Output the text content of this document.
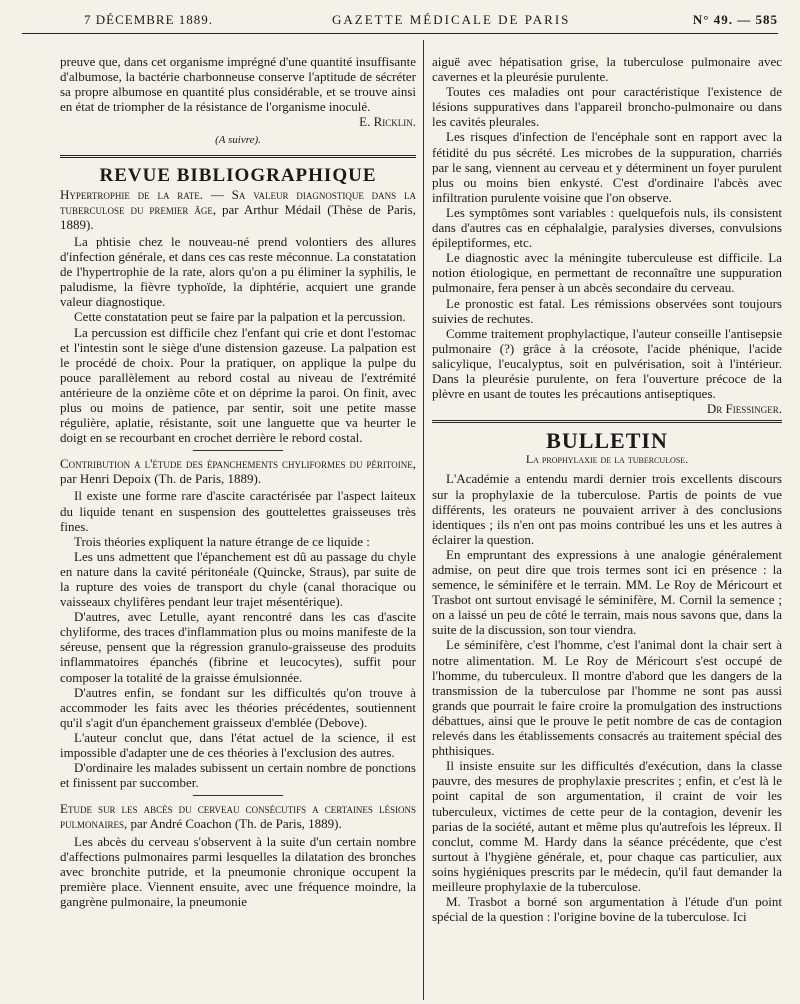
7 DÉCEMBRE 1889.	GAZETTE MÉDICALE DE PARIS	N° 49. — 585

preuve que, dans cet organisme imprégné d'une quantité insuffisante d'albumose, la bactérie charbonneuse conserve l'aptitude de sécréter sa propre albumose en quantité plus considérable, et se trouve ainsi en état de triompher de la résistance de l'organisme inoculé.

E. Ricklin.
(A suivre).
REVUE BIBLIOGRAPHIQUE

Hypertrophie de la rate. — Sa valeur diagnostique dans la tuberculose du premier âge, par Arthur Médail (Thèse de Paris, 1889).

La phtisie chez le nouveau-né prend volontiers des allures d'infection générale, et dans ces cas reste méconnue. La constatation de l'hypertrophie de la rate, alors qu'on a pu éliminer la syphilis, le paludisme, la fièvre typhoïde, la diphtérie, acquiert une grande valeur diagnostique.

Cette constatation peut se faire par la palpation et la percussion.

La percussion est difficile chez l'enfant qui crie et dont l'estomac et l'intestin sont le siège d'une distension gazeuse. La palpation est le procédé de choix. Pour la pratiquer, on applique la pulpe du pouce parallèlement au rebord costal au niveau de l'extrémité antérieure de la onzième côte et on déprime la paroi. On finit, avec plus ou moins de patience, par sentir, soit une petite masse régulière, aplatie, résistante, soit une languette que va heurter le doigt en se recourbant en crochet derrière le rebord costal.

Contribution a l'étude des épanchements chyliformes du péritoine, par Henri Depoix (Th. de Paris, 1889).

Il existe une forme rare d'ascite caractérisée par l'aspect laiteux du liquide tenant en suspension des gouttelettes graisseuses très fines.

Trois théories expliquent la nature étrange de ce liquide :

Les uns admettent que l'épanchement est dû au passage du chyle en nature dans la cavité péritonéale (Quincke, Straus), par suite de la rupture des voies de transport du chyle (canal thoracique ou vaisseaux chylifères pendant leur trajet mésentérique).

D'autres, avec Letulle, ayant rencontré dans les cas d'ascite chyliforme, des traces d'inflammation plus ou moins manifeste de la séreuse, pensent que la régression granulo-graisseuse des produits inflammatoires épanchés (fibrine et leucocytes), suffit pour composer la totalité de la graisse émulsionnée.

D'autres enfin, se fondant sur les difficultés qu'on trouve à accommoder les faits avec les théories précédentes, soutiennent qu'il s'agit d'un épanchement graisseux d'emblée (Debove).

L'auteur conclut que, dans l'état actuel de la science, il est impossible d'adapter une de ces théories à l'exclusion des autres.

D'ordinaire les malades subissent un certain nombre de ponctions et finissent par succomber.

Etude sur les abcès du cerveau consécutifs a certaines lésions pulmonaires, par André Coachon (Th. de Paris, 1889).

Les abcès du cerveau s'observent à la suite d'un certain nombre d'affections pulmonaires parmi lesquelles la dilatation des bronches avec bronchite putride, et la pneumonie chronique occupent la première place. Viennent ensuite, avec une fréquence moindre, la gangrène pulmonaire, la pneumonie

aiguë avec hépatisation grise, la tuberculose pulmonaire avec cavernes et la pleurésie purulente.

Toutes ces maladies ont pour caractéristique l'existence de lésions suppuratives dans l'appareil broncho-pulmonaire ou dans les cavités pleurales.

Les risques d'infection de l'encéphale sont en rapport avec la fétidité du pus sécrété. Les microbes de la suppuration, charriés par le sang, viennent au cerveau et y déterminent un foyer purulent plus ou moins bien enkysté. C'est d'ordinaire l'abcès avec infiltration purulente voisine que l'on observe.

Les symptômes sont variables : quelquefois nuls, ils consistent dans d'autres cas en céphalalgie, paralysies diverses, convulsions épileptiformes, etc.

Le diagnostic avec la méningite tuberculeuse est difficile. La notion étiologique, en permettant de reconnaître une suppuration pulmonaire, fera penser à un abcès secondaire du cerveau.

Le pronostic est fatal. Les rémissions observées sont toujours suivies de rechutes.

Comme traitement prophylactique, l'auteur conseille l'antisepsie pulmonaire (?) grâce à la créosote, l'acide phénique, l'acide salicylique, l'eucalyptus, soit en pulvérisation, soit à l'intérieur. Dans la pleurésie purulente, on fera l'ouverture précoce de la plèvre en usant de toutes les précautions antiseptiques.

Dr Fiessinger.
BULLETIN
La prophylaxie de la tuberculose.

L'Académie a entendu mardi dernier trois excellents discours sur la prophylaxie de la tuberculose. Partis de points de vue différents, les orateurs ne pouvaient arriver à des conclusions identiques ; ils n'en ont pas moins contribué les uns et les autres à éclairer la question.

En empruntant des expressions à une analogie généralement admise, on peut dire que trois termes sont ici en présence : la semence, le séminifère et le terrain. MM. Le Roy de Méricourt et Trasbot ont surtout envisagé le séminifère, M. Cornil la semence ; on a laissé un peu de côté le terrain, mais nous savons que, dans la suite de la discussion, son tour viendra.

Le séminifère, c'est l'homme, c'est l'animal dont la chair sert à notre alimentation. M. Le Roy de Méricourt s'est occupé de l'homme, du tuberculeux. Il montre d'abord que les dangers de la transmission de la tuberculose par l'homme ne sont pas aussi grands que pourrait le faire croire la promulgation des instructions débattues, ainsi que le prouve le petit nombre de cas de contagion relevés dans les établissements consacrés au traitement spécial des phthisiques.

Il insiste ensuite sur les difficultés d'exécution, dans la classe pauvre, des mesures de prophylaxie prescrites ; enfin, et c'est là le point capital de son argumentation, il craint de voir les tuberculeux, victimes de cette peur de la contagion, devenir les parias de la société, autant et même plus qu'autrefois les lépreux. Il conclut, comme M. Hardy dans la séance précédente, que c'est surtout à l'hygiène générale, et, pour chaque cas particulier, aux soins hygiéniques prescrits par le médecin, qu'il faut demander la meilleure prophylaxie de la tuberculose.

M. Trasbot a borné son argumentation à l'étude d'un point spécial de la question : l'origine bovine de la tuberculose. Ici
